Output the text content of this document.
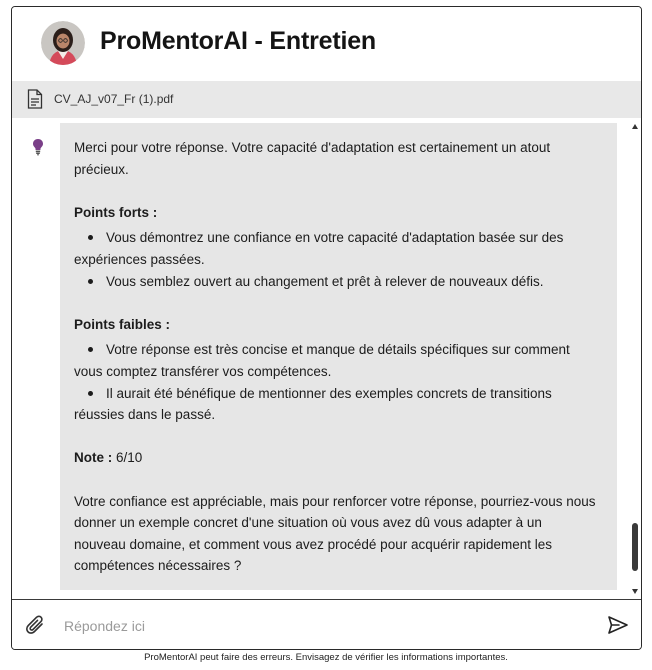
ProMentorAI - Entretien
CV_AJ_v07_Fr (1).pdf

Merci pour votre réponse. Votre capacité d'adaptation est certainement un atout précieux.

Points forts :

Vous démontrez une confiance en votre capacité d'adaptation basée sur des expériences passées.
Vous semblez ouvert au changement et prêt à relever de nouveaux défis.

Points faibles :

Votre réponse est très concise et manque de détails spécifiques sur comment vous comptez transférer vos compétences.
Il aurait été bénéfique de mentionner des exemples concrets de transitions réussies dans le passé.

Note : 6/10

Votre confiance est appréciable, mais pour renforcer votre réponse, pourriez-vous nous donner un exemple concret d'une situation où vous avez dû vous adapter à un nouveau domaine, et comment vous avez procédé pour acquérir rapidement les compétences nécessaires ?

Répondez ici
ProMentorAI peut faire des erreurs. Envisagez de vérifier les informations importantes.
